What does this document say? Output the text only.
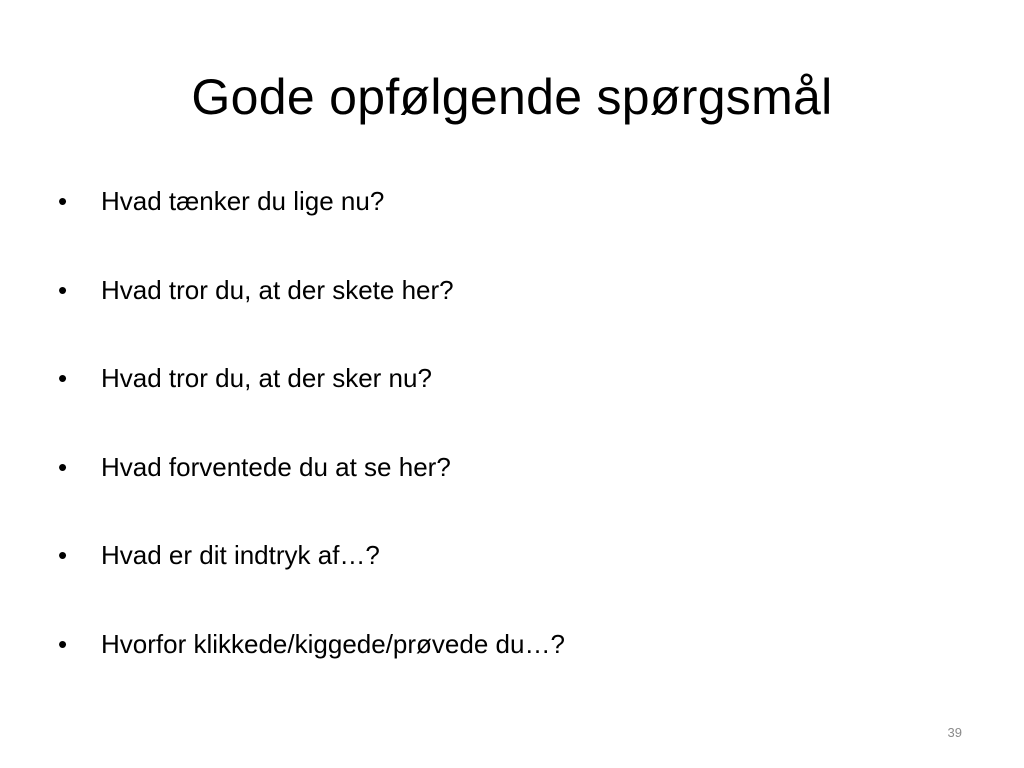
Gode opfølgende spørgsmål
•	Hvad tænker du lige nu?
•	Hvad tror du, at der skete her?
•	Hvad tror du, at der sker nu?
•	Hvad forventede du at se her?
•	Hvad er dit indtryk af…?
•	Hvorfor klikkede/kiggede/prøvede du…?
39
